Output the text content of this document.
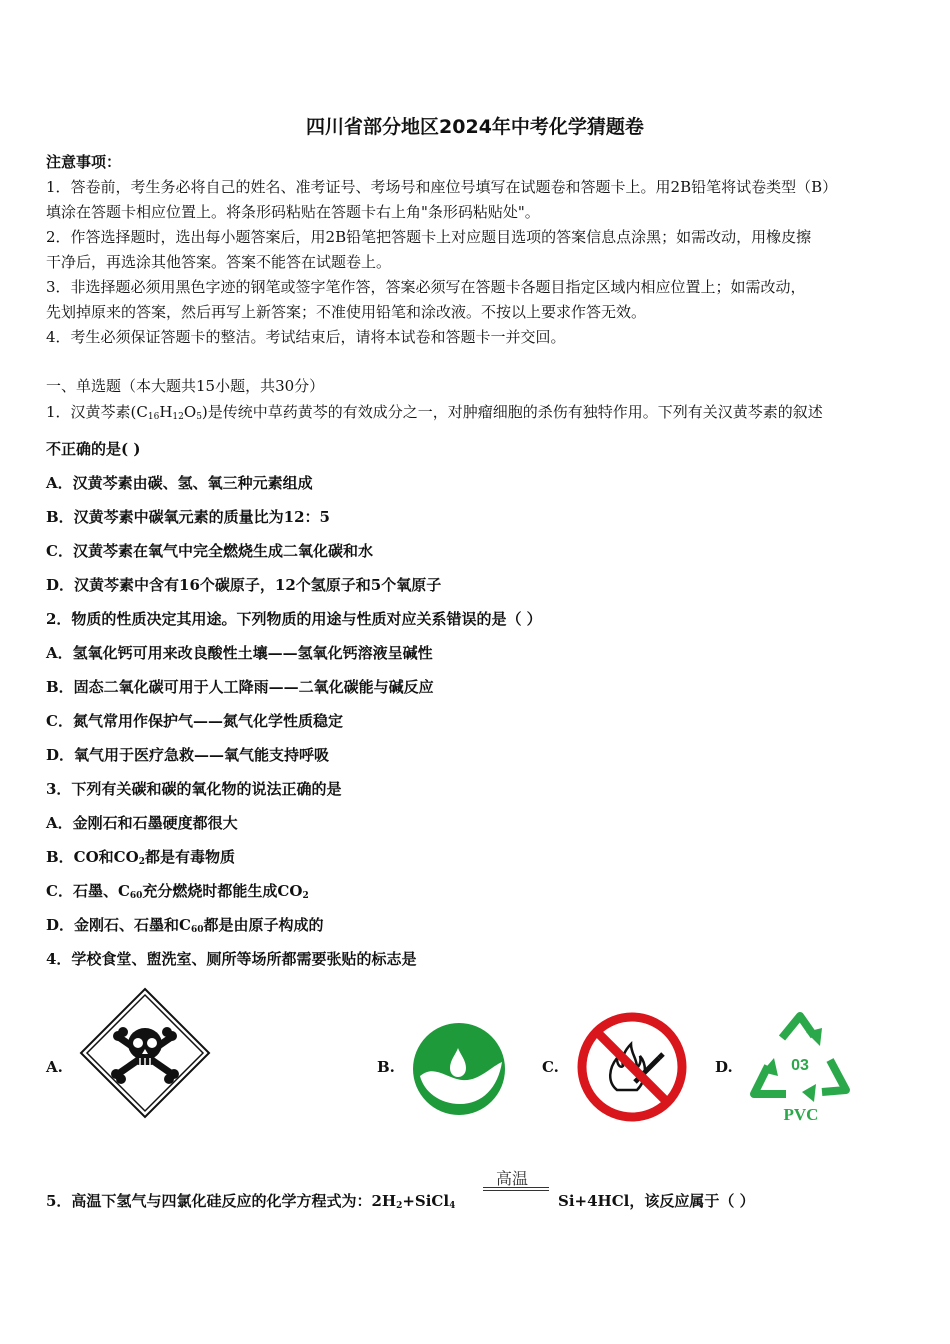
四川省部分地区2024年中考化学猜题卷
注意事项：
1．答卷前，考生务必将自己的姓名、准考证号、考场号和座位号填写在试题卷和答题卡上。用2B铅笔将试卷类型（B）
填涂在答题卡相应位置上。将条形码粘贴在答题卡右上角"条形码粘贴处"。
2．作答选择题时，选出每小题答案后，用2B铅笔把答题卡上对应题目选项的答案信息点涂黑；如需改动，用橡皮擦
干净后，再选涂其他答案。答案不能答在试题卷上。
3．非选择题必须用黑色字迹的钢笔或签字笔作答，答案必须写在答题卡各题目指定区域内相应位置上；如需改动，
先划掉原来的答案，然后再写上新答案；不准使用铅笔和涂改液。不按以上要求作答无效。
4．考生必须保证答题卡的整洁。考试结束后，请将本试卷和答题卡一并交回。
一、单选题（本大题共15小题，共30分）
1．汉黄芩素$(C_{16}H_{12}O_5)$是传统中草药黄芩的有效成分之一，对肿瘤细胞的杀伤有独特作用。下列有关汉黄芩素的叙述
不正确的是( )
A．汉黄芩素由碳、氢、氧三种元素组成
B．汉黄芩素中碳氧元素的质量比为12：5
C．汉黄芩素在氧气中完全燃烧生成二氧化碳和水
D．汉黄芩素中含有16个碳原子，12个氢原子和5个氧原子
2．物质的性质决定其用途。下列物质的用途与性质对应关系错误的是（ ）
A．氢氧化钙可用来改良酸性土壤——氢氧化钙溶液呈碱性
B．固态二氧化碳可用于人工降雨——二氧化碳能与碱反应
C．氮气常用作保护气——氮气化学性质稳定
D．氧气用于医疗急救——氧气能支持呼吸
3．下列有关碳和碳的氧化物的说法正确的是
A．金刚石和石墨硬度都很大
B．CO和$CO_2$都是有毒物质
C．石墨、$C_{60}$充分燃烧时都能生成$CO_2$
D．金刚石、石墨和$C_{60}$都是由原子构成的
4．学校食堂、盥洗室、厕所等场所都需要张贴的标志是
A.	B.	C.	D.	03
PVC
高温
5．高温下氢气与四氯化硅反应的化学方程式为：$2H_2+SiCl_4$	Si+4HCl，该反应属于（ ）
